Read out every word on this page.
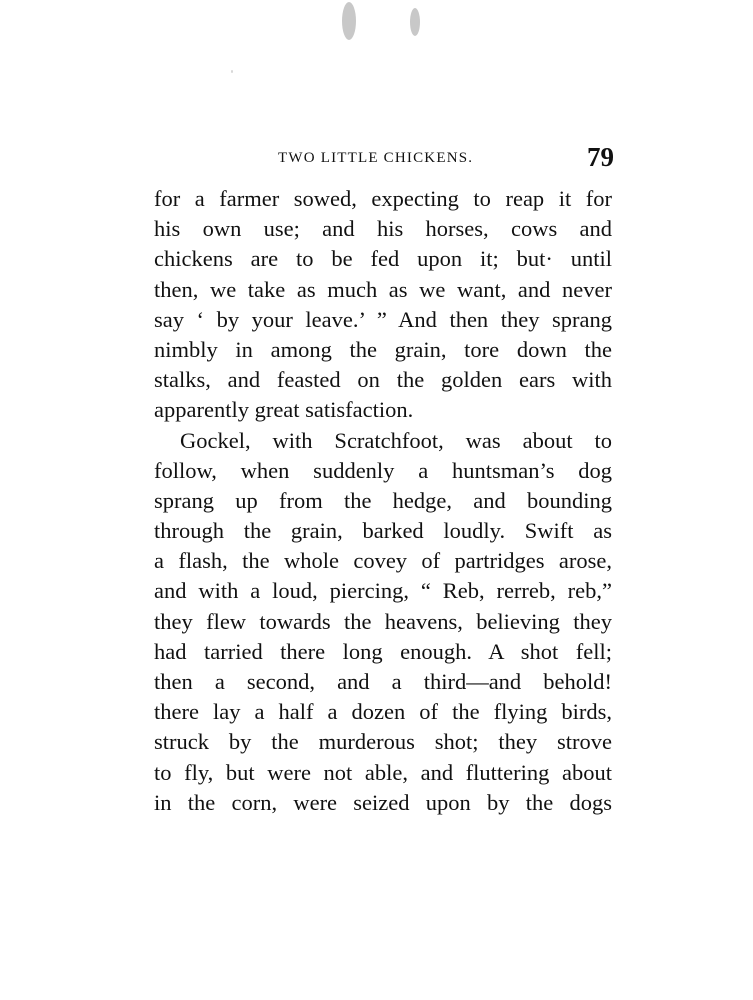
TWO LITTLE CHICKENS.	79
for a farmer sowed, expecting to reap it for
his own use; and his horses, cows and
chickens are to be fed upon it; but· until
then, we take as much as we want, and never
say ‘ by your leave.’ ” And then they sprang
nimbly in among the grain, tore down the
stalks, and feasted on the golden ears with
apparently great satisfaction.
Gockel, with Scratchfoot, was about to
follow, when suddenly a huntsman’s dog
sprang up from the hedge, and bounding
through the grain, barked loudly. Swift as
a flash, the whole covey of partridges arose,
and with a loud, piercing, “ Reb, rerreb, reb,”
they flew towards the heavens, believing they
had tarried there long enough. A shot fell;
then a second, and a third—and behold!
there lay a half a dozen of the flying birds,
struck by the murderous shot; they strove
to fly, but were not able, and fluttering about
in the corn, were seized upon by the dogs
